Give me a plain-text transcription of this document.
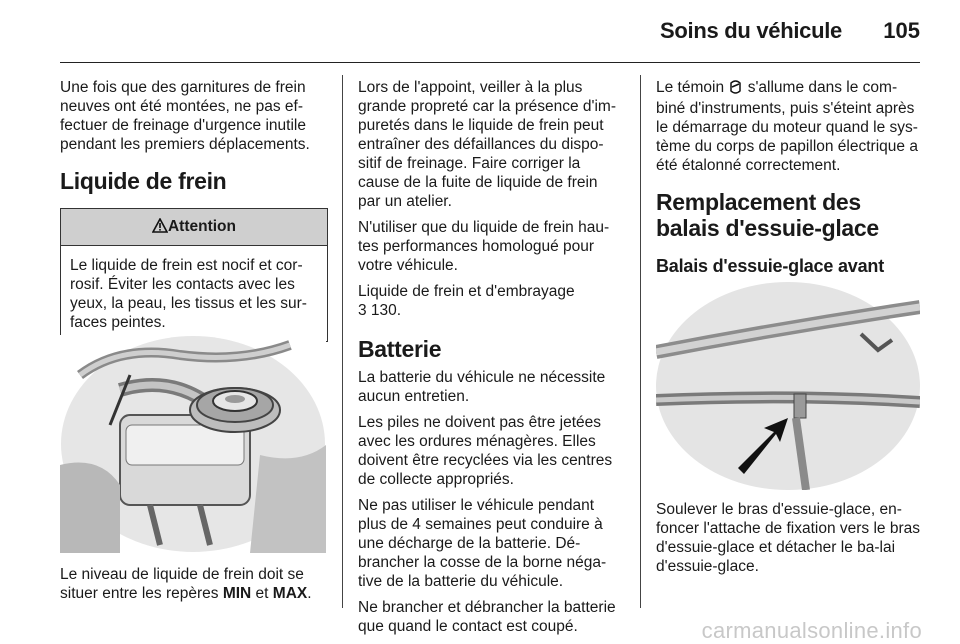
Soins du véhicule 105

Une fois que des garnitures de frein neuves ont été montées, ne pas ef-fectuer de freinage d'urgence inutile pendant les premiers déplacements.

Liquide de frein
Attention
Le liquide de frein est nocif et cor-rosif. Éviter les contacts avec les yeux, la peau, les tissus et les sur-faces peintes.
Le niveau de liquide de frein doit se situer entre les repères MIN et MAX.

Lors de l'appoint, veiller à la plus grande propreté car la présence d'im-puretés dans le liquide de frein peut entraîner des défaillances du dispo-sitif de freinage. Faire corriger la cause de la fuite de liquide de frein par un atelier.

N'utiliser que du liquide de frein hau-tes performances homologué pour votre véhicule.

Liquide de frein et d'embrayage
3 130.

Batterie

La batterie du véhicule ne nécessite aucun entretien.

Les piles ne doivent pas être jetées avec les ordures ménagères. Elles doivent être recyclées via les centres de collecte appropriés.

Ne pas utiliser le véhicule pendant plus de 4 semaines peut conduire à une décharge de la batterie. Dé-brancher la cosse de la borne néga-tive de la batterie du véhicule.

Ne brancher et débrancher la batterie que quand le contact est coupé.

Le témoin  s'allume dans le com-biné d'instruments, puis s'éteint après le démarrage du moteur quand le sys-tème du corps de papillon électrique a été étalonné correctement.

Remplacement des balais d'essuie-glace
Balais d'essuie-glace avant
Soulever le bras d'essuie-glace, en-foncer l'attache de fixation vers le bras d'essuie-glace et détacher le ba-lai d'essuie-glace.
carmanualsonline.info
